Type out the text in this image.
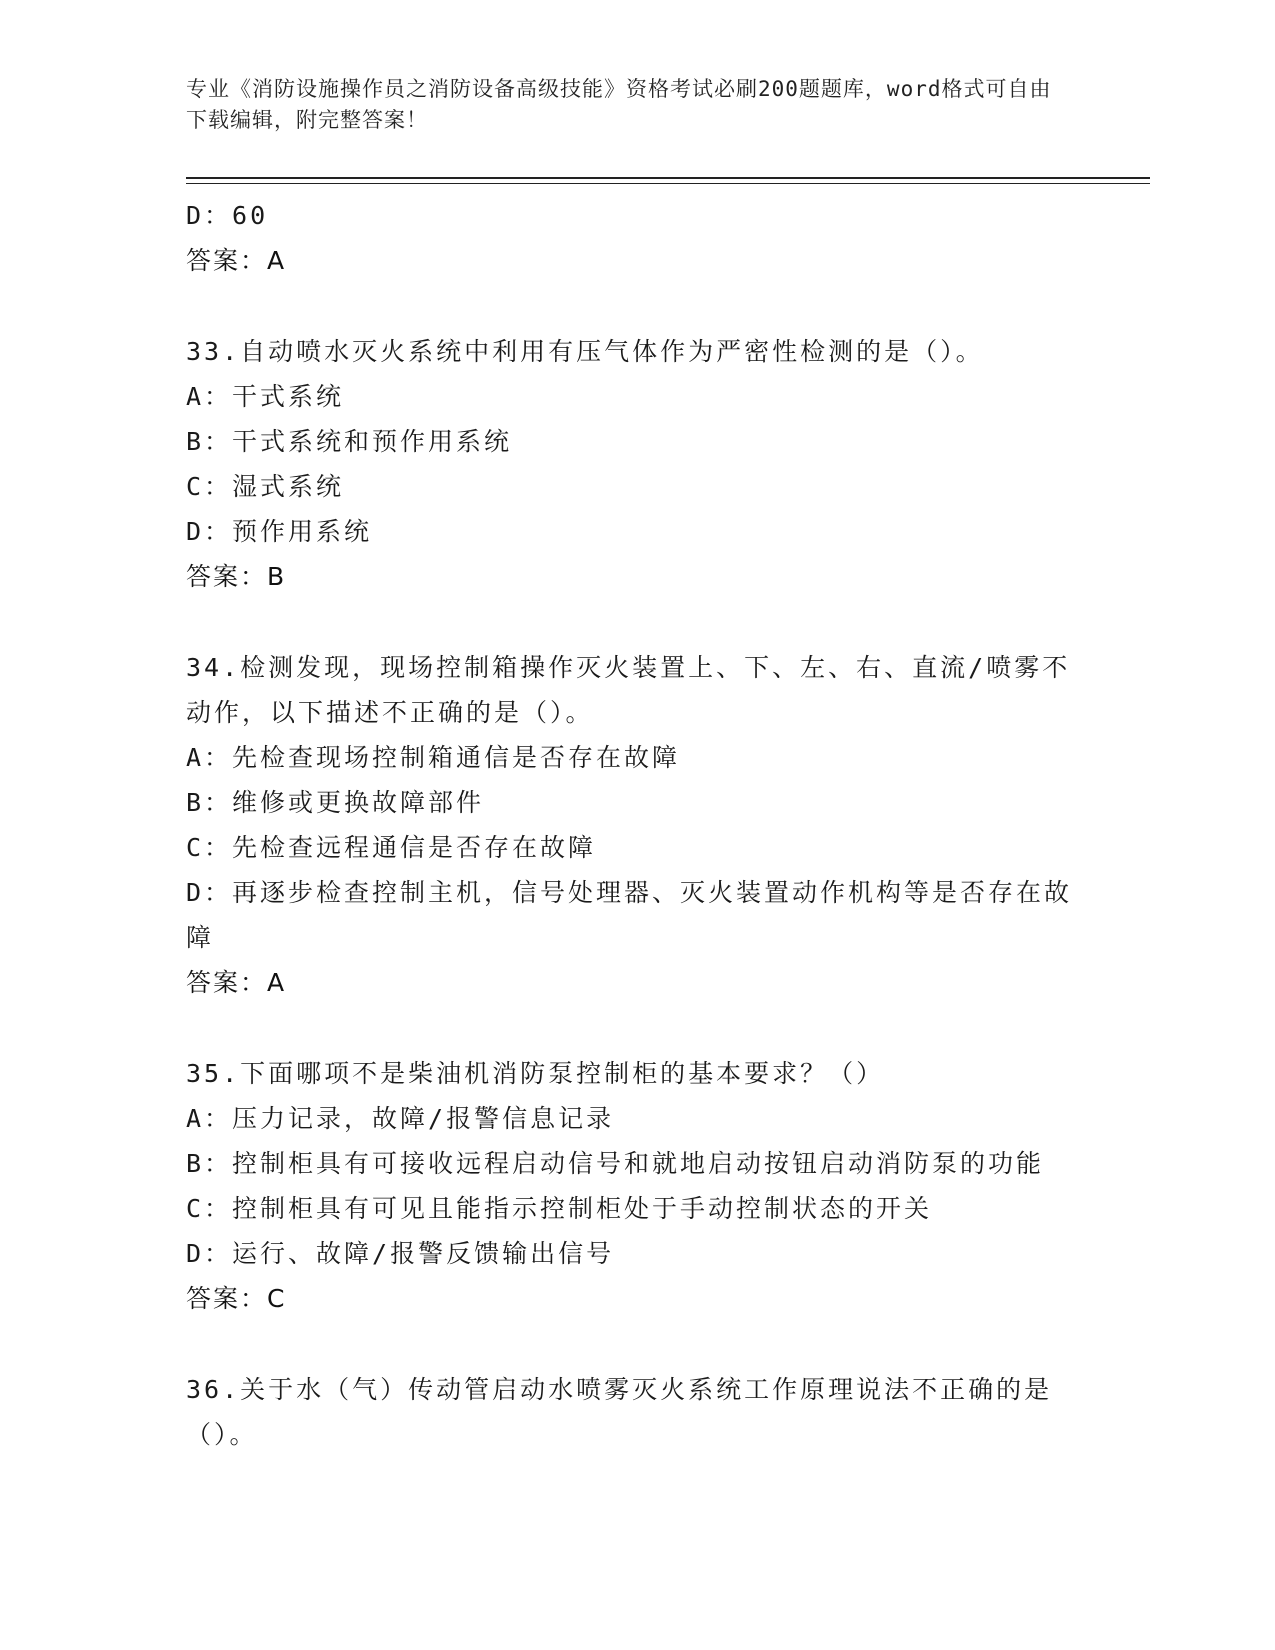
专业《消防设施操作员之消防设备高级技能》资格考试必刷200题题库，word格式可自由下载编辑，附完整答案！
D：60
答案：A
33.自动喷水灭火系统中利用有压气体作为严密性检测的是（）。
A：干式系统
B：干式系统和预作用系统
C：湿式系统
D：预作用系统
答案：B
34.检测发现，现场控制箱操作灭火装置上、下、左、右、直流/喷雾不动作，以下描述不正确的是（）。
A：先检查现场控制箱通信是否存在故障
B：维修或更换故障部件
C：先检查远程通信是否存在故障
D：再逐步检查控制主机，信号处理器、灭火装置动作机构等是否存在故障
答案：A
35.下面哪项不是柴油机消防泵控制柜的基本要求？（）
A：压力记录，故障/报警信息记录
B：控制柜具有可接收远程启动信号和就地启动按钮启动消防泵的功能
C：控制柜具有可见且能指示控制柜处于手动控制状态的开关
D：运行、故障/报警反馈输出信号
答案：C
36.关于水（气）传动管启动水喷雾灭火系统工作原理说法不正确的是（）。
